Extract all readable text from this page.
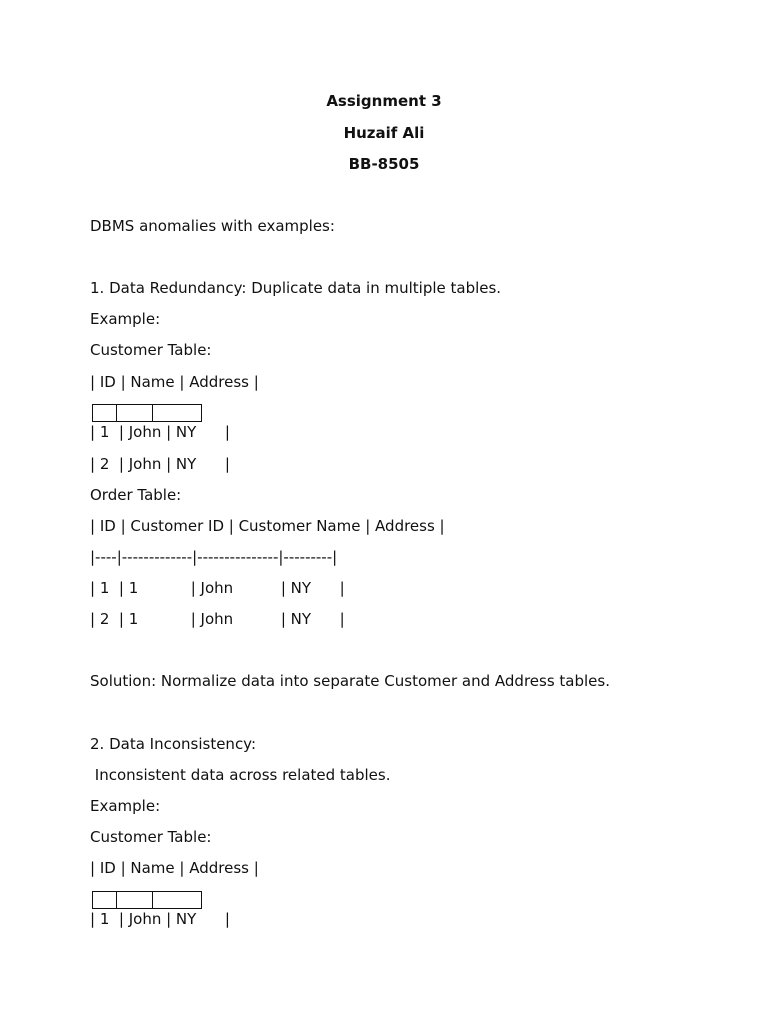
Assignment 3
Huzaif Ali
BB-8505
DBMS anomalies with examples:
1. Data Redundancy: Duplicate data in multiple tables.
Example:
Customer Table:
| ID | Name | Address |
| 1  | John | NY      |
| 2  | John | NY      |
Order Table:
| ID | Customer ID | Customer Name | Address |
|----|-------------|---------------|---------|
| 1  | 1           | John          | NY      |
| 2  | 1           | John          | NY      |
Solution: Normalize data into separate Customer and Address tables.
2. Data Inconsistency:
Inconsistent data across related tables.
Example:
Customer Table:
| ID | Name | Address |
| 1  | John | NY      |
